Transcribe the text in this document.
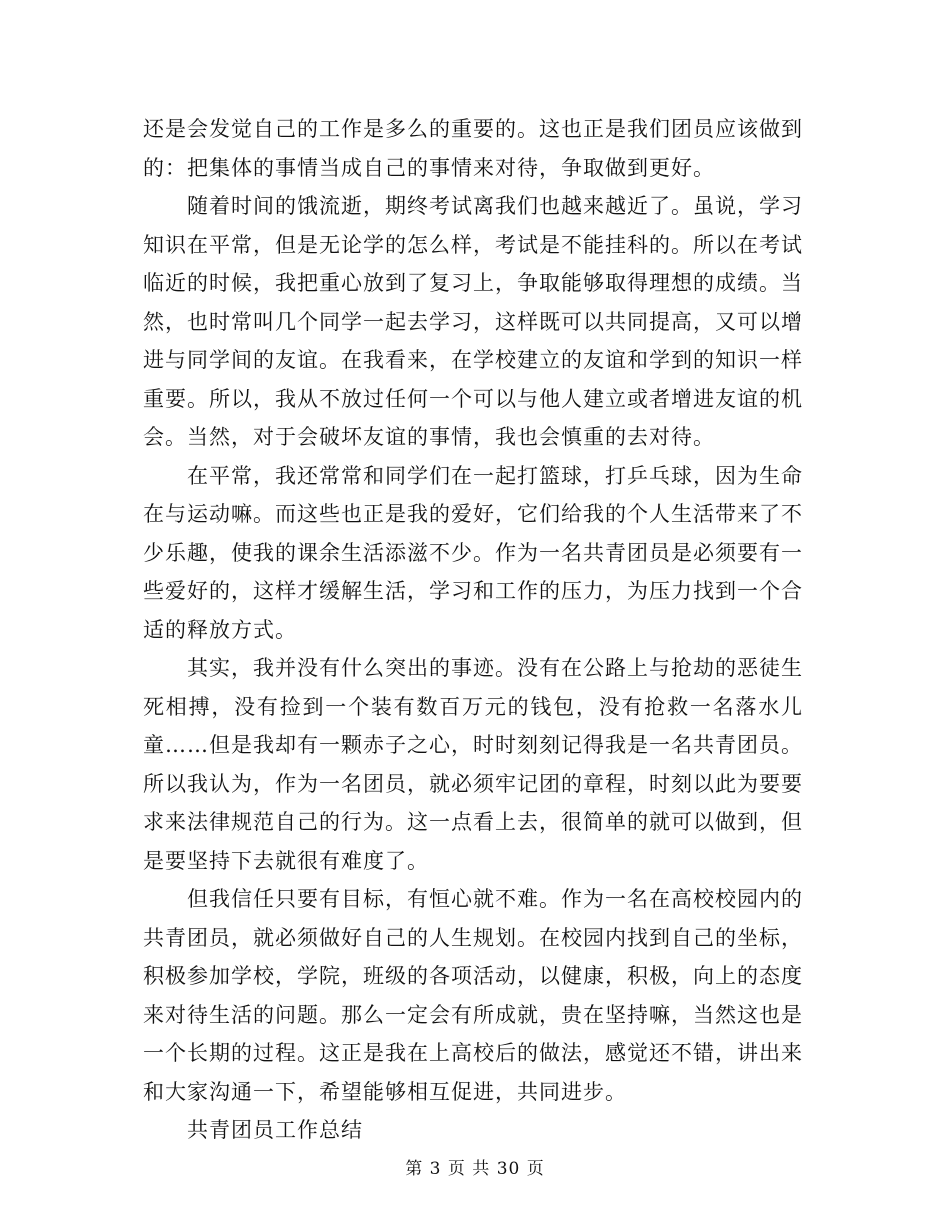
还是会发觉自己的工作是多么的重要的。这也正是我们团员应该做到的：把集体的事情当成自己的事情来对待，争取做到更好。

随着时间的饿流逝，期终考试离我们也越来越近了。虽说，学习知识在平常，但是无论学的怎么样，考试是不能挂科的。所以在考试临近的时候，我把重心放到了复习上，争取能够取得理想的成绩。当然，也时常叫几个同学一起去学习，这样既可以共同提高，又可以增进与同学间的友谊。在我看来，在学校建立的友谊和学到的知识一样重要。所以，我从不放过任何一个可以与他人建立或者增进友谊的机会。当然，对于会破坏友谊的事情，我也会慎重的去对待。

在平常，我还常常和同学们在一起打篮球，打乒乓球，因为生命在与运动嘛。而这些也正是我的爱好，它们给我的个人生活带来了不少乐趣，使我的课余生活添滋不少。作为一名共青团员是必须要有一些爱好的，这样才缓解生活，学习和工作的压力，为压力找到一个合适的释放方式。

其实，我并没有什么突出的事迹。没有在公路上与抢劫的恶徒生死相搏，没有捡到一个装有数百万元的钱包，没有抢救一名落水儿童……但是我却有一颗赤子之心，时时刻刻记得我是一名共青团员。所以我认为，作为一名团员，就必须牢记团的章程，时刻以此为要要求来法律规范自己的行为。这一点看上去，很简单的就可以做到，但是要坚持下去就很有难度了。

但我信任只要有目标，有恒心就不难。作为一名在高校校园内的共青团员，就必须做好自己的人生规划。在校园内找到自己的坐标，积极参加学校，学院，班级的各项活动，以健康，积极，向上的态度来对待生活的问题。那么一定会有所成就，贵在坚持嘛，当然这也是一个长期的过程。这正是我在上高校后的做法，感觉还不错，讲出来和大家沟通一下，希望能够相互促进，共同进步。

共青团员工作总结

第 3 页 共 30 页
